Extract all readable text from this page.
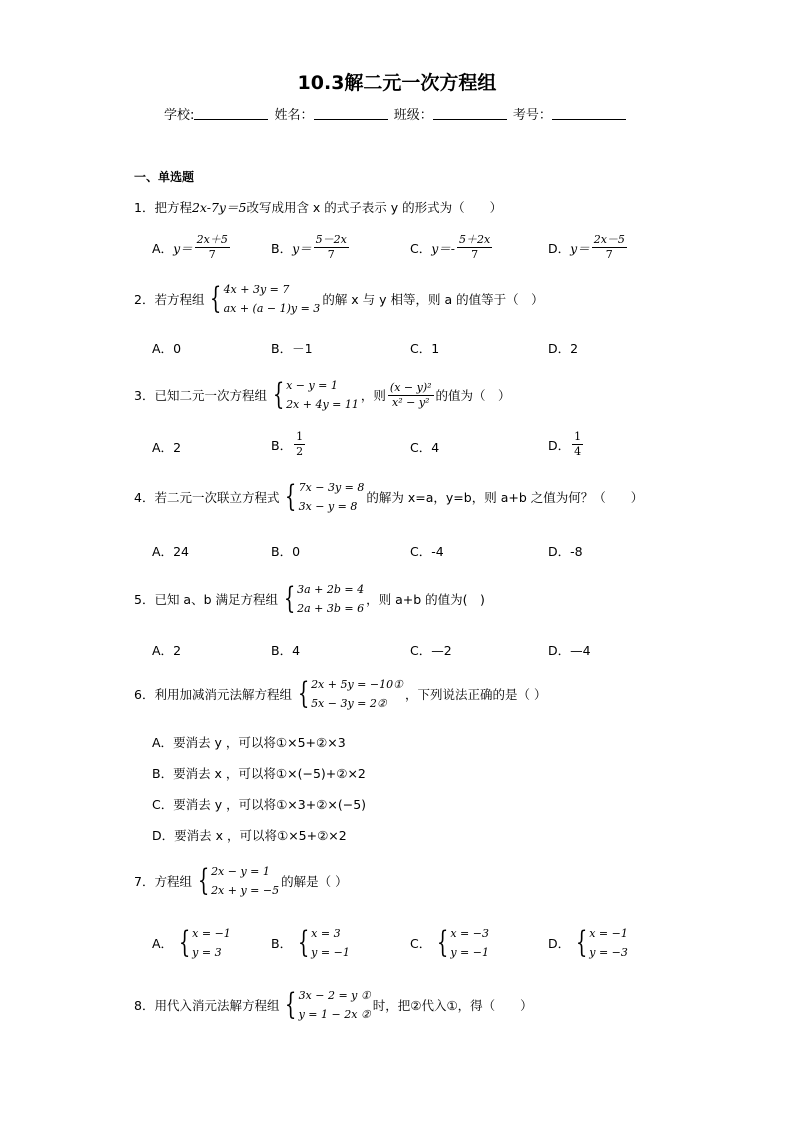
10.3解二元一次方程组
学校:	姓名：	班级：	考号：
一、单选题
1． 把方程 2x-7y＝5 改写成用含 x 的式子表示 y 的形式为（　　）
A． $y= \frac{2x+5}{7}$	B． $y= \frac{5-2x}{7}$	C． $y=- \frac{5+2x}{7}$	D． $y= \frac{2x-5}{7}$
2． 若方程组 { 4x + 3y = 7
ax + (a − 1)y = 3
的解 x 与 y 相等，则 a 的值等于（　）
A． 0	B． －1	C． 1	D． 2
3． 已知二元一次方程组 { x − y = 1
2x + 4y = 11
，则 $\frac{\text{(x − y)²}}{\text{x² − y²}}$ 的值为（　）
A． 2	B． $\frac{1}{2}$	C． 4	D． $\frac{1}{4}$
4． 若二元一次联立方程式 { 7x − 3y = 8
3x − y = 8
的解为 x=a，y=b，则 a+b 之值为何？（　　）
A． 24	B． 0	C． -4	D． -8
5． 已知 a、b 满足方程组 { 3a + 2b = 4
2a + 3b = 6
，则 a+b 的值为(　)
A． 2	B． 4	C． —2	D． —4
6． 利用加减消元法解方程组 { 2x + 5y = −10①
5x − 3y = 2②
，下列说法正确的是（ ）
A． 要消去 y ，可以将①×5+②×3
B． 要消去 x ，可以将①×(−5)+②×2
C． 要消去 y ，可以将①×3+②×(−5)
D． 要消去 x ，可以将①×5+②×2
7． 方程组 { 2x − y = 1
2x + y = −5
的解是（ ）
A． { x = −1
y = 3
B． { x = 3
y = −1
C． { x = −3
y = −1
D． { x = −1
y = −3
8． 用代入消元法解方程组 { 3x − 2 = y ①
y = 1 − 2x ②
时，把②代入①，得（　　）
